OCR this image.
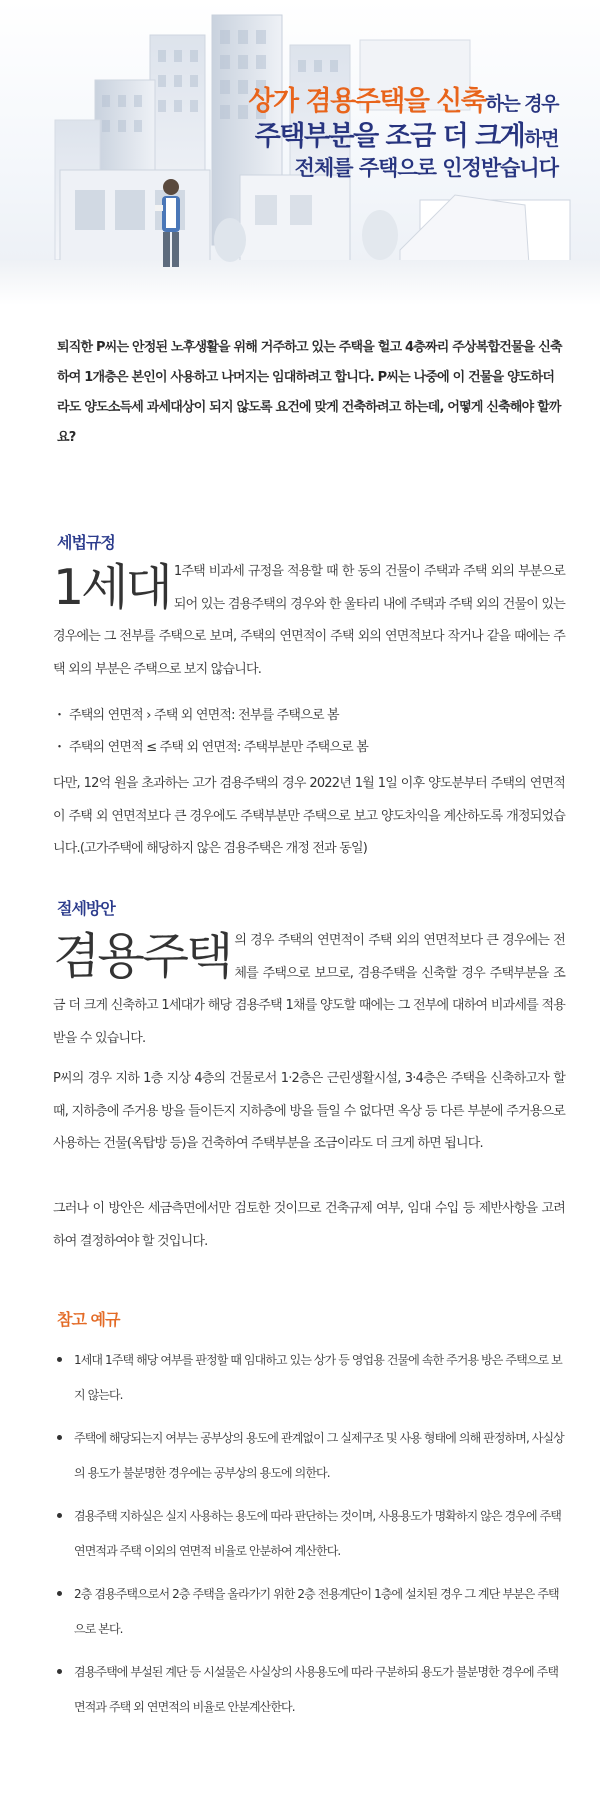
상가 겸용주택을 신축하는 경우
주택부분을 조금 더 크게하면
전체를 주택으로 인정받습니다

퇴직한 P씨는 안정된 노후생활을 위해 거주하고 있는 주택을 헐고 4층짜리 주상복합건물을 신축하여 1개층은 본인이 사용하고 나머지는 임대하려고 합니다. P씨는 나중에 이 건물을 양도하더라도 양도소득세 과세대상이 되지 않도록 요건에 맞게 건축하려고 하는데, 어떻게 신축해야 할까요?

세법규정

1세대 1주택 비과세 규정을 적용할 때 한 동의 건물이 주택과 주택 외의 부분으로 되어 있는 겸용주택의 경우와 한 울타리 내에 주택과 주택 외의 건물이 있는 경우에는 그 전부를 주택으로 보며, 주택의 연면적이 주택 외의 연면적보다 작거나 같을 때에는 주택 외의 부분은 주택으로 보지 않습니다.

・ 주택의 연면적 › 주택 외 연면적: 전부를 주택으로 봄
・ 주택의 연면적 ≤ 주택 외 연면적: 주택부분만 주택으로 봄

다만, 12억 원을 초과하는 고가 겸용주택의 경우 2022년 1월 1일 이후 양도분부터 주택의 연면적이 주택 외 연면적보다 큰 경우에도 주택부분만 주택으로 보고 양도차익을 계산하도록 개정되었습니다.(고가주택에 해당하지 않은 겸용주택은 개정 전과 동일)

절세방안

겸용주택 의 경우 주택의 연면적이 주택 외의 연면적보다 큰 경우에는 전체를 주택으로 보므로, 겸용주택을 신축할 경우 주택부분을 조금 더 크게 신축하고 1세대가 해당 겸용주택 1채를 양도할 때에는 그 전부에 대하여 비과세를 적용받을 수 있습니다.

P씨의 경우 지하 1층 지상 4층의 건물로서 1·2층은 근린생활시설, 3·4층은 주택을 신축하고자 할 때, 지하층에 주거용 방을 들이든지 지하층에 방을 들일 수 없다면 옥상 등 다른 부분에 주거용으로 사용하는 건물(옥탑방 등)을 건축하여 주택부분을 조금이라도 더 크게 하면 됩니다.

그러나 이 방안은 세금측면에서만 검토한 것이므로 건축규제 여부, 임대 수입 등 제반사항을 고려하여 결정하여야 할 것입니다.

참고 예규
1세대 1주택 해당 여부를 판정할 때 임대하고 있는 상가 등 영업용 건물에 속한 주거용 방은 주택으로 보지 않는다.
주택에 해당되는지 여부는 공부상의 용도에 관계없이 그 실제구조 및 사용 형태에 의해 판정하며, 사실상의 용도가 불분명한 경우에는 공부상의 용도에 의한다.
겸용주택 지하실은 실지 사용하는 용도에 따라 판단하는 것이며, 사용용도가 명확하지 않은 경우에 주택 연면적과 주택 이외의 연면적 비율로 안분하여 계산한다.
2층 겸용주택으로서 2층 주택을 올라가기 위한 2층 전용계단이 1층에 설치된 경우 그 계단 부분은 주택으로 본다.
겸용주택에 부설된 계단 등 시설물은 사실상의 사용용도에 따라 구분하되 용도가 불분명한 경우에 주택면적과 주택 외 연면적의 비율로 안분계산한다.
